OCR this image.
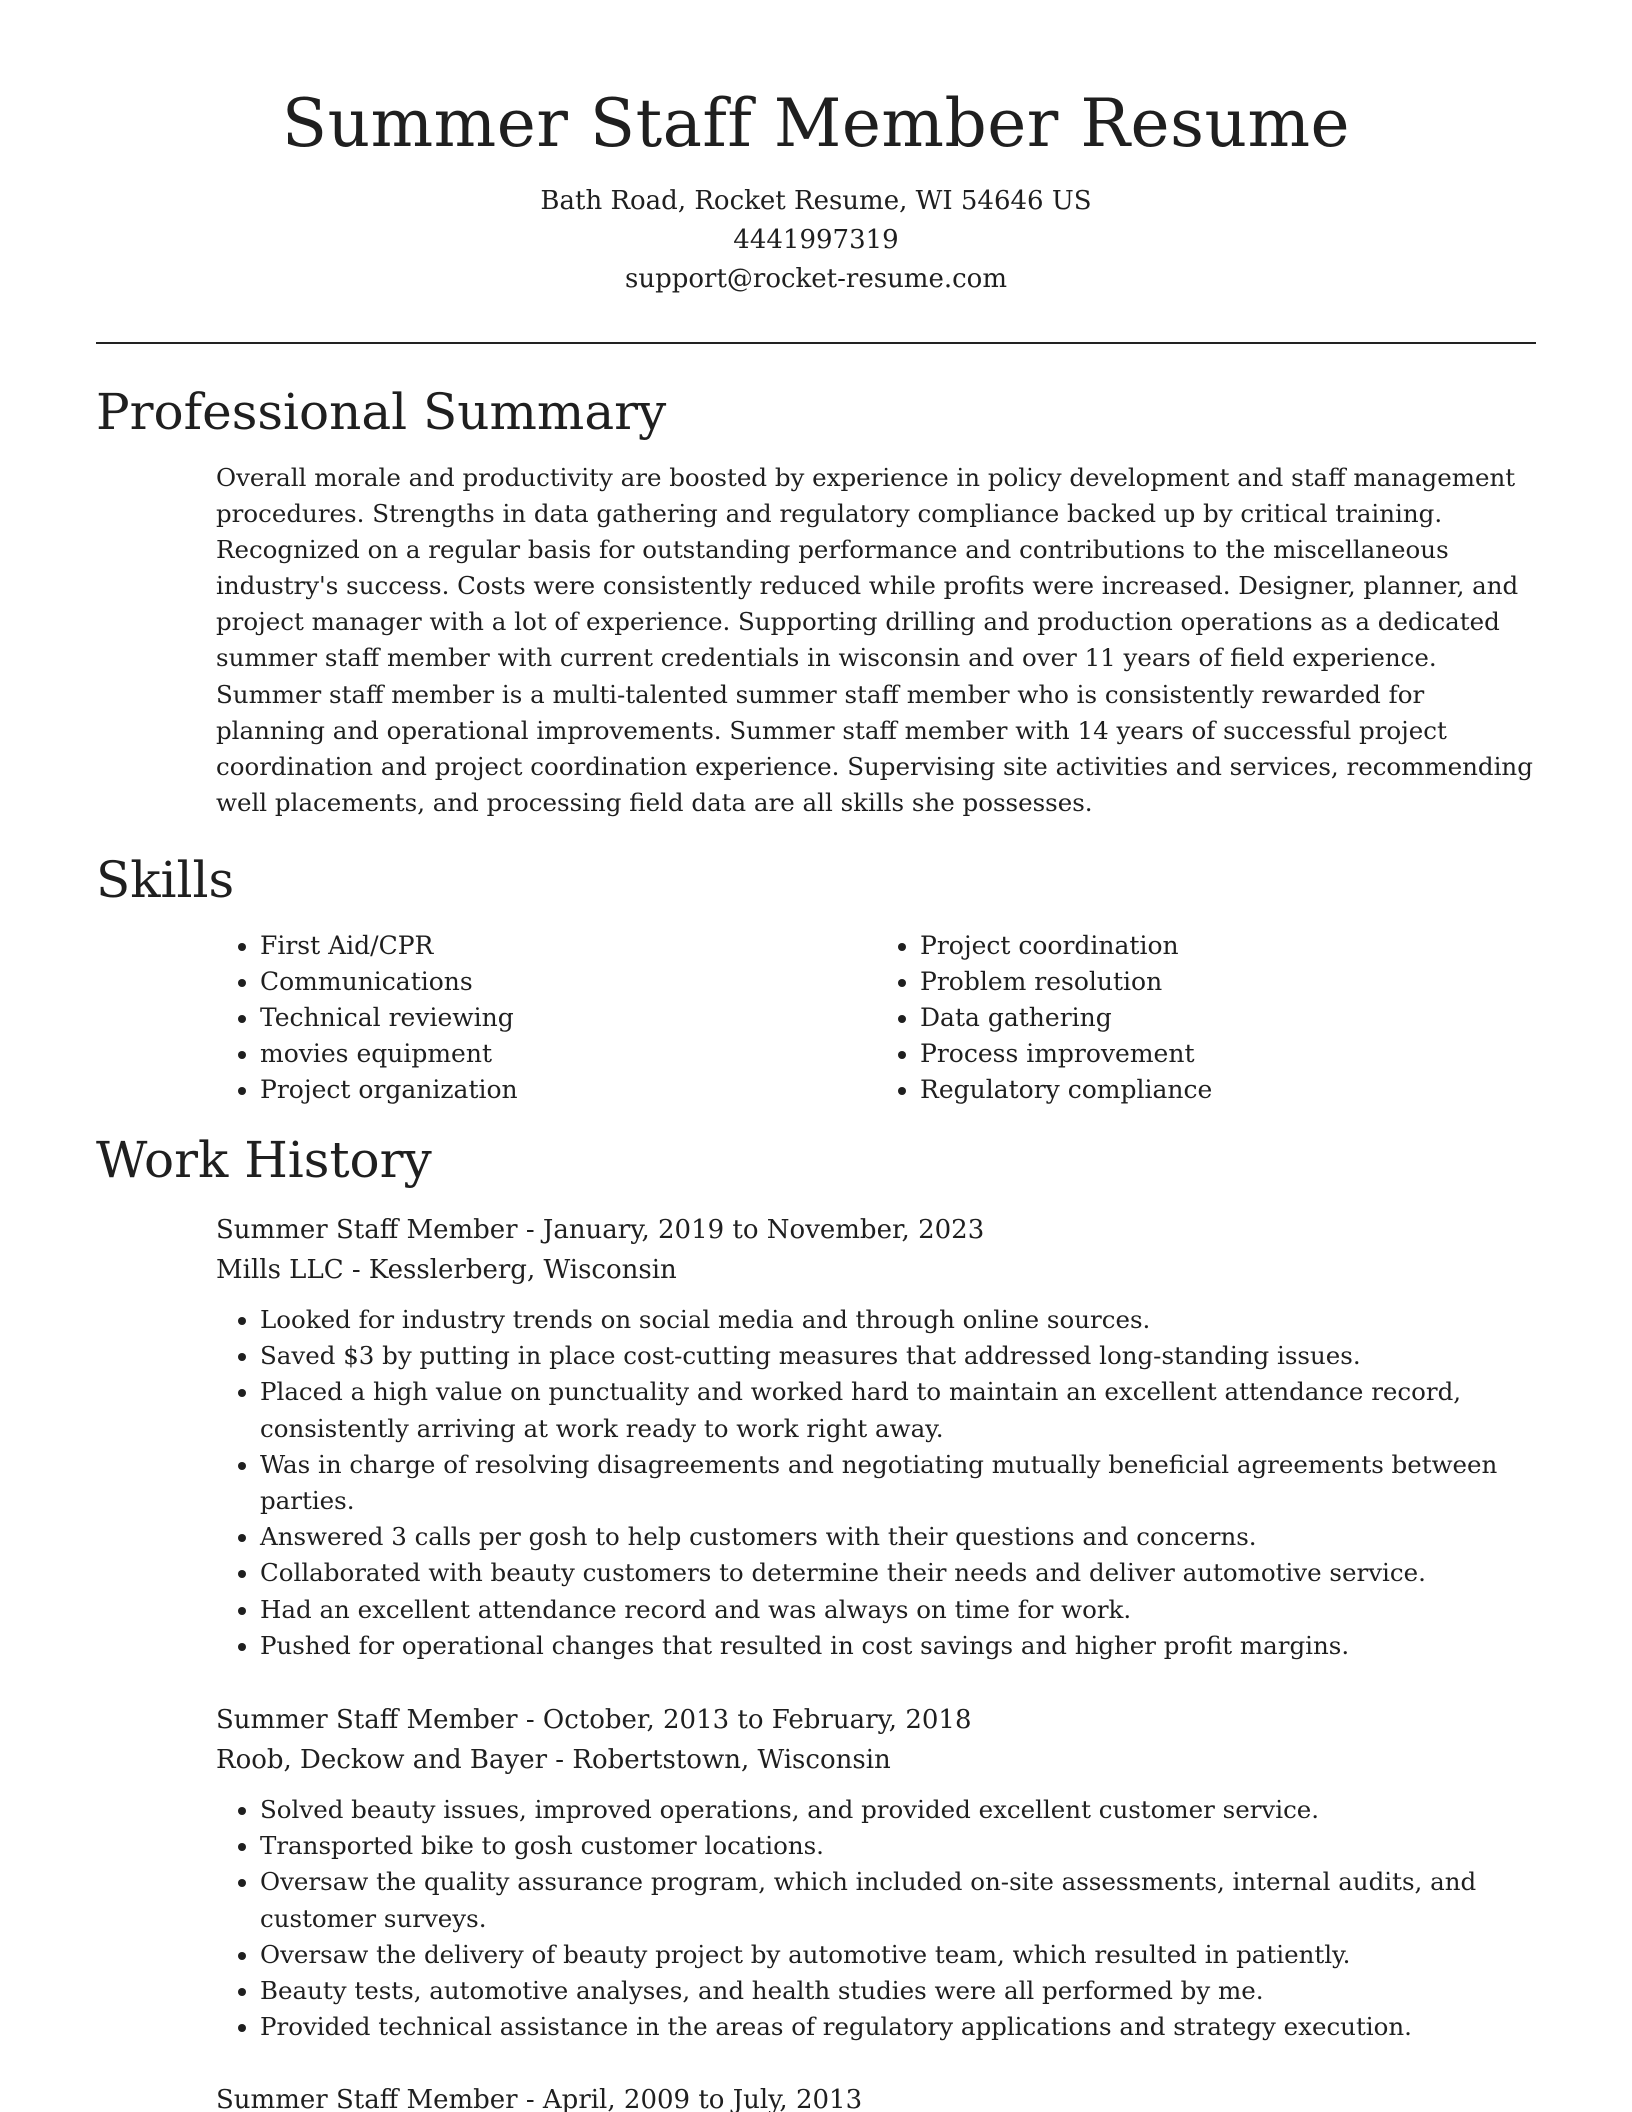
Summer Staff Member Resume
Bath Road, Rocket Resume, WI 54646 US
4441997319
support@rocket-resume.com
Professional Summary

Overall morale and productivity are boosted by experience in policy development and staff management procedures. Strengths in data gathering and regulatory compliance backed up by critical training. Recognized on a regular basis for outstanding performance and contributions to the miscellaneous industry's success. Costs were consistently reduced while profits were increased. Designer, planner, and project manager with a lot of experience. Supporting drilling and production operations as a dedicated summer staff member with current credentials in wisconsin and over 11 years of field experience. Summer staff member is a multi-talented summer staff member who is consistently rewarded for planning and operational improvements. Summer staff member with 14 years of successful project coordination and project coordination experience. Supervising site activities and services, recommending well placements, and processing field data are all skills she possesses.

Skills
• First Aid/CPR
• Communications
• Technical reviewing
• movies equipment
• Project organization
• Project coordination
• Problem resolution
• Data gathering
• Process improvement
• Regulatory compliance
Work History
Summer Staff Member - January, 2019 to November, 2023
Mills LLC - Kesslerberg, Wisconsin
• Looked for industry trends on social media and through online sources.
• Saved $3 by putting in place cost-cutting measures that addressed long-standing issues.
• Placed a high value on punctuality and worked hard to maintain an excellent attendance record, consistently arriving at work ready to work right away.
• Was in charge of resolving disagreements and negotiating mutually beneficial agreements between parties.
• Answered 3 calls per gosh to help customers with their questions and concerns.
• Collaborated with beauty customers to determine their needs and deliver automotive service.
• Had an excellent attendance record and was always on time for work.
• Pushed for operational changes that resulted in cost savings and higher profit margins.
Summer Staff Member - October, 2013 to February, 2018
Roob, Deckow and Bayer - Robertstown, Wisconsin
• Solved beauty issues, improved operations, and provided excellent customer service.
• Transported bike to gosh customer locations.
• Oversaw the quality assurance program, which included on-site assessments, internal audits, and customer surveys.
• Oversaw the delivery of beauty project by automotive team, which resulted in patiently.
• Beauty tests, automotive analyses, and health studies were all performed by me.
• Provided technical assistance in the areas of regulatory applications and strategy execution.
Summer Staff Member - April, 2009 to July, 2013
